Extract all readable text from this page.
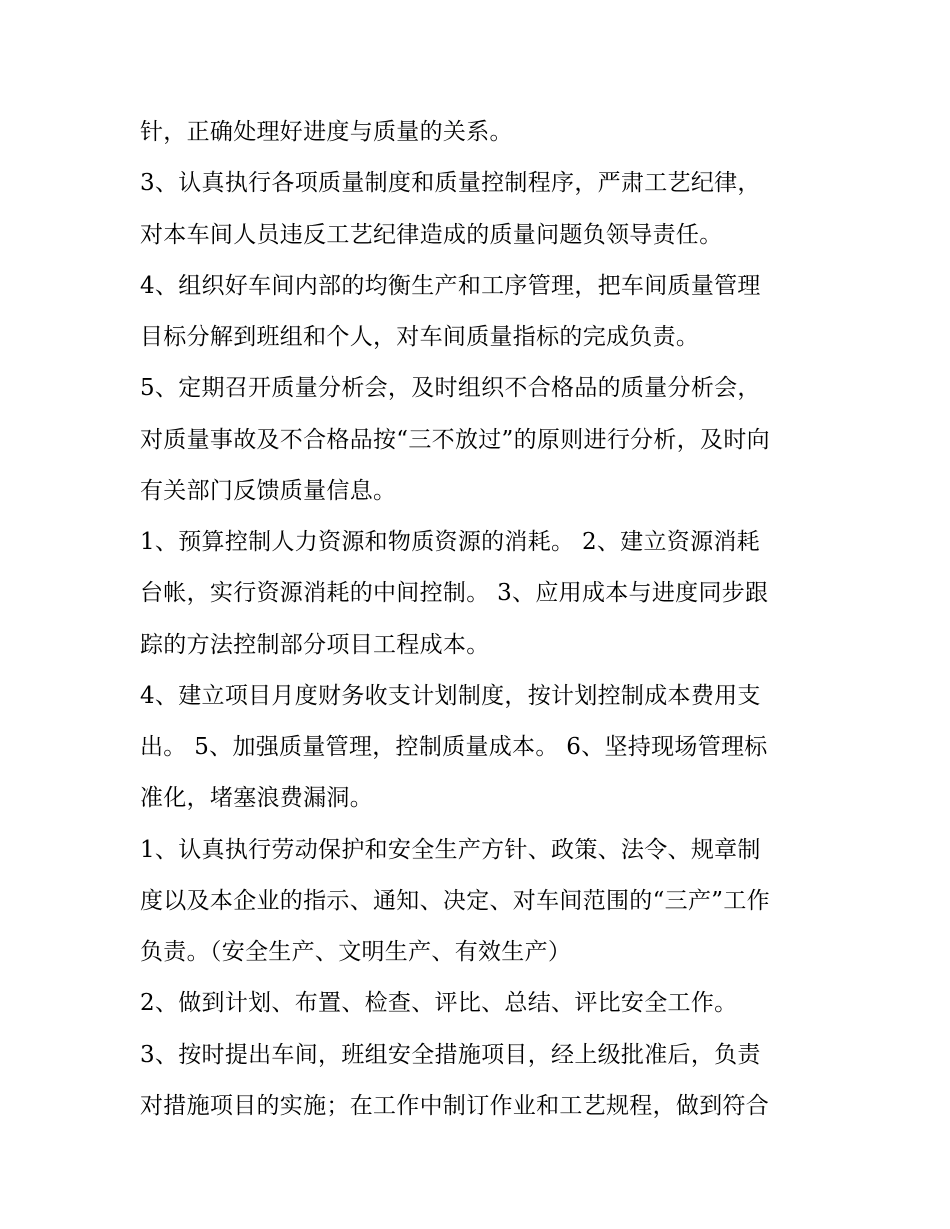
针，正确处理好进度与质量的关系。
3、认真执行各项质量制度和质量控制程序，严肃工艺纪律，
对本车间人员违反工艺纪律造成的质量问题负领导责任。
4、组织好车间内部的均衡生产和工序管理，把车间质量管理
目标分解到班组和个人，对车间质量指标的完成负责。
5、定期召开质量分析会，及时组织不合格品的质量分析会，
对质量事故及不合格品按“三不放过”的原则进行分析，及时向
有关部门反馈质量信息。
1、预算控制人力资源和物质资源的消耗。 2、建立资源消耗
台帐，实行资源消耗的中间控制。 3、应用成本与进度同步跟
踪的方法控制部分项目工程成本。
4、建立项目月度财务收支计划制度，按计划控制成本费用支
出。 5、加强质量管理，控制质量成本。 6、坚持现场管理标
准化，堵塞浪费漏洞。
1、认真执行劳动保护和安全生产方针、政策、法令、规章制
度以及本企业的指示、通知、决定、对车间范围的“三产”工作
负责。（安全生产、文明生产、有效生产）
2、做到计划、布置、检查、评比、总结、评比安全工作。
3、按时提出车间，班组安全措施项目，经上级批准后，负责
对措施项目的实施；在工作中制订作业和工艺规程，做到符合
